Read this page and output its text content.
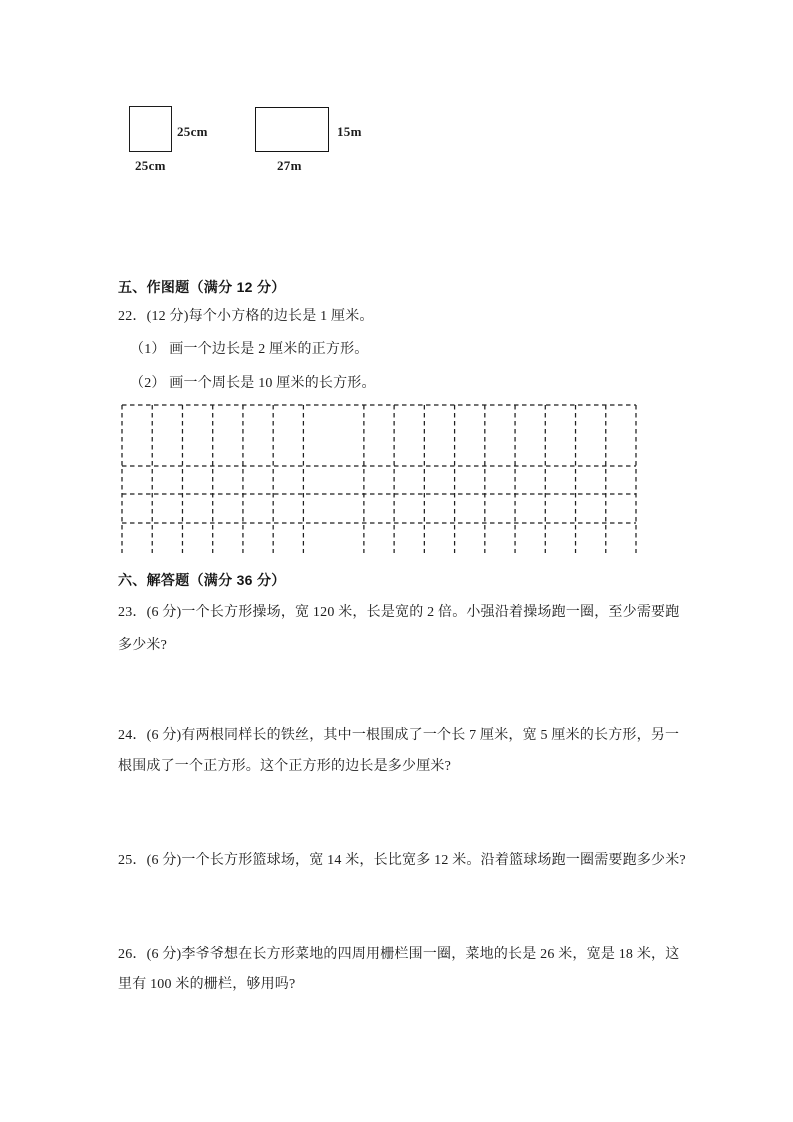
25cm
25cm
15m
27m
五、作图题（满分 12 分）
22．(12 分)每个小方格的边长是 1 厘米。
（1） 画一个边长是 2 厘米的正方形。
（2） 画一个周长是 10 厘米的长方形。
六、解答题（满分 36 分）
23．(6 分)一个长方形操场，宽 120 米，长是宽的 2 倍。小强沿着操场跑一圈，至少需要跑
多少米?
24．(6 分)有两根同样长的铁丝，其中一根围成了一个长 7 厘米，宽 5 厘米的长方形，另一
根围成了一个正方形。这个正方形的边长是多少厘米?
25．(6 分)一个长方形篮球场，宽 14 米，长比宽多 12 米。沿着篮球场跑一圈需要跑多少米?
26．(6 分)李爷爷想在长方形菜地的四周用栅栏围一圈，菜地的长是 26 米，宽是 18 米，这
里有 100 米的栅栏，够用吗?
